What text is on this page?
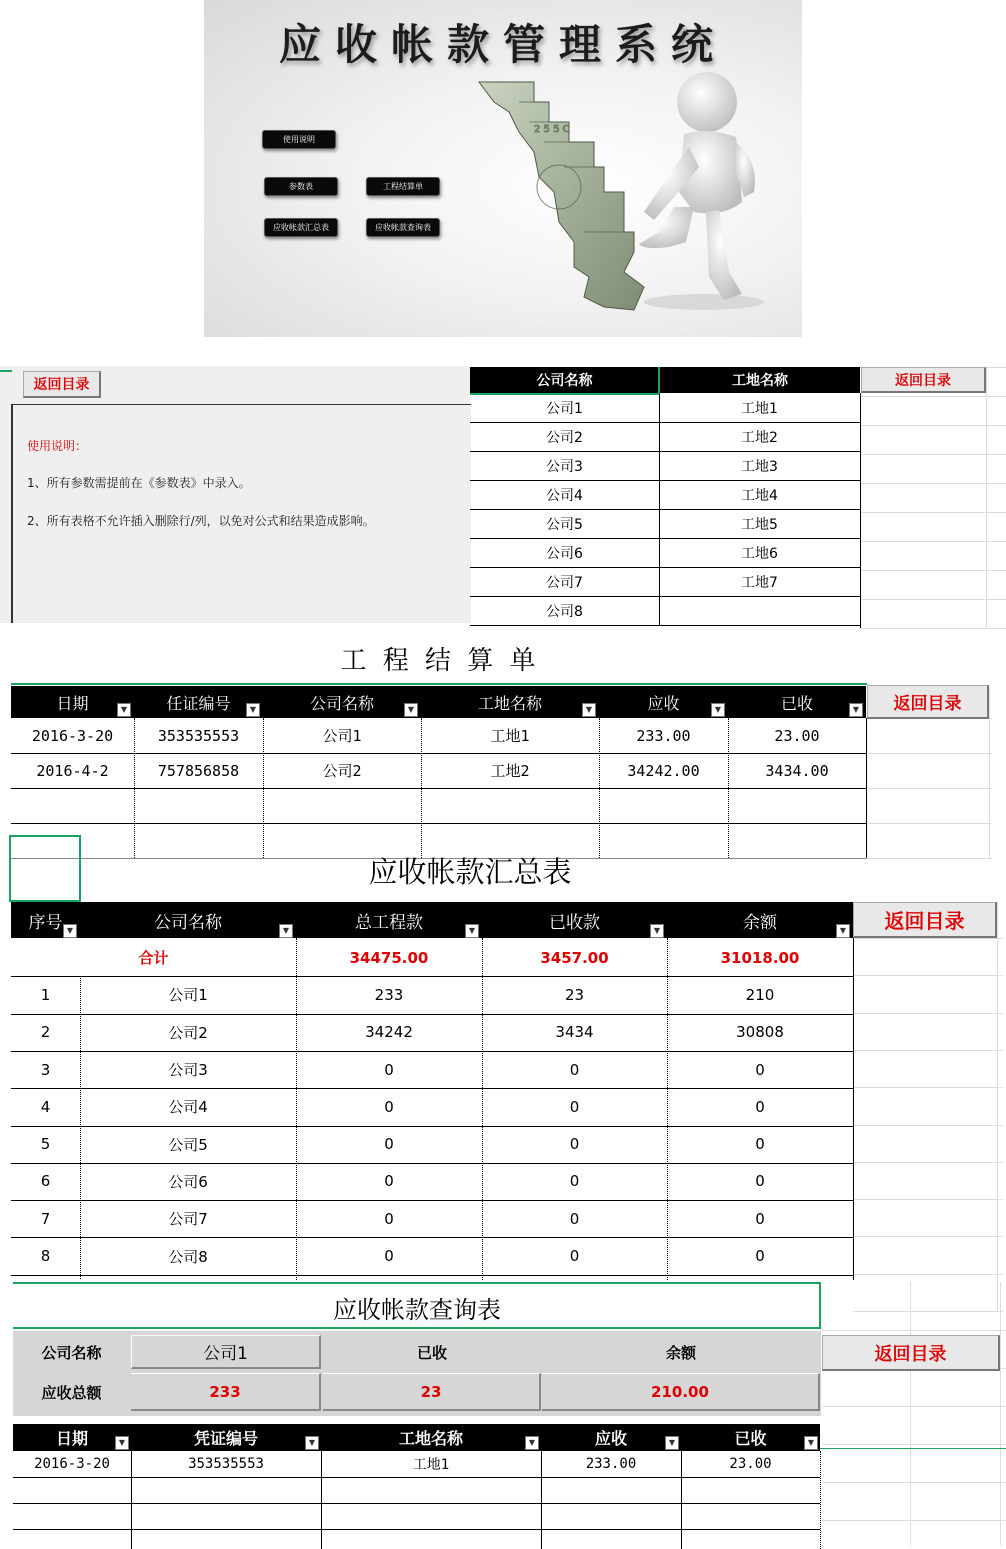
应收帐款管理系统
使用说明
参数表	工程结算单
应收帐款汇总表	应收帐款查询表
2 5 5 C
返回目录
使用说明：
1、所有参数需提前在《参数表》中录入。
2、所有表格不允许插入删除行/列，以免对公式和结果造成影响。
公司名称	工地名称
公司1	工地1
公司2	工地2
公司3	工地3
公司4	工地4
公司5	工地5
公司6	工地6
公司7	工地7
公司8
返回目录
工 程 结 算 单
日期	▼	任证编号	▼	公司名称	▼	工地名称	▼	应收	▼	已收	▼
2016-3-20	353535553	公司1	工地1	233.00	23.00
2016-4-2	757856858	公司2	工地2	34242.00	3434.00
返回目录
应收帐款汇总表
序号 ▼	公司名称	▼	总工程款	▼	已收款	▼	余额	▼
合计	34475.00	3457.00	31018.00
1	公司1	233	23	210
2	公司2	34242	3434	30808
3	公司3	0	0	0
4	公司4	0	0	0
5	公司5	0	0	0
6	公司6	0	0	0
7	公司7	0	0	0
8	公司8	0	0	0
返回目录
应收帐款查询表
公司名称	公司1	已收	余额
应收总额	233	23	210.00
日期	▼	凭证编号	▼	工地名称	▼	应收	▼	已收	▼
2016-3-20	353535553	工地1	233.00	23.00
返回目录
